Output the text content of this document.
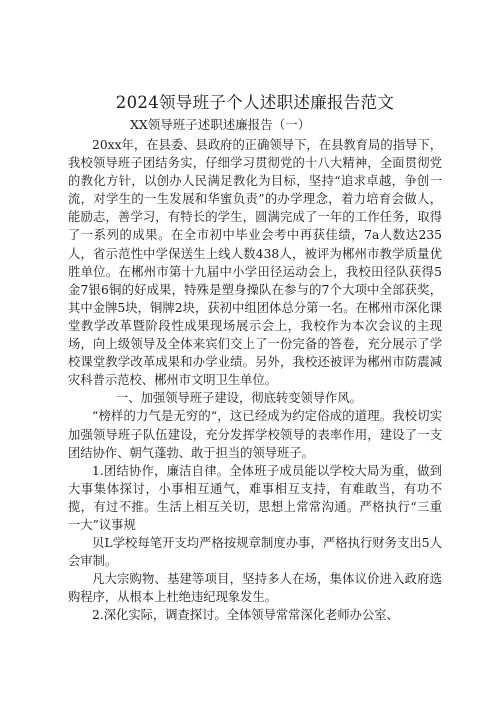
2024领导班子个人述职述廉报告范文
XX领导班子述职述廉报告（一）

20xx年，在县委、县政府的正确领导下，在县教育局的指导下，我校领导班子团结务实，仔细学习贯彻党的十八大精神，全面贯彻党的教化方针，以创办人民满足教化为目标，坚持“追求卓越，争创一流，对学生的一生发展和华蜜负责”的办学理念，着力培育会做人，能励志，善学习，有特长的学生，圆满完成了一年的工作任务，取得了一系列的成果。在全市初中毕业会考中再获佳绩，7a人数达235人，省示范性中学保送生上线人数438人，被评为郴州市教学质量优胜单位。在郴州市第十九届中小学田径运动会上，我校田径队获得5金7银6铜的好成果，特殊是塑身操队在参与的7个大项中全部获奖，其中金牌5块，铜牌2块，获初中组团体总分第一名。在郴州市深化课堂教学改革暨阶段性成果现场展示会上，我校作为本次会议的主现场，向上级领导及全体来宾们交上了一份完备的答卷，充分展示了学校课堂教学改革成果和办学业绩。另外，我校还被评为郴州市防震减灾科普示范校、郴州市文明卫生单位。

一、加强领导班子建设，彻底转变领导作风。

“榜样的力气是无穷的“，这已经成为约定俗成的道理。我校切实加强领导班子队伍建设，充分发挥学校领导的表率作用，建设了一支团结协作、朝气蓬勃、敢于担当的领导班子。

1.团结协作，廉洁自律。全体班子成员能以学校大局为重，做到大事集体探讨，小事相互通气，难事相互支持，有难敢当，有功不揽，有过不推。生活上相互关切，思想上常常沟通。严格执行“三重一大”议事规

贝L学校每笔开支均严格按规章制度办事，严格执行财务支出5人会审制。

凡大宗购物、基建等项目，坚持多人在场，集体议价进入政府选购程序，从根本上杜绝违纪现象发生。

2.深化实际，调查探讨。全体领导常常深化老师办公室、
